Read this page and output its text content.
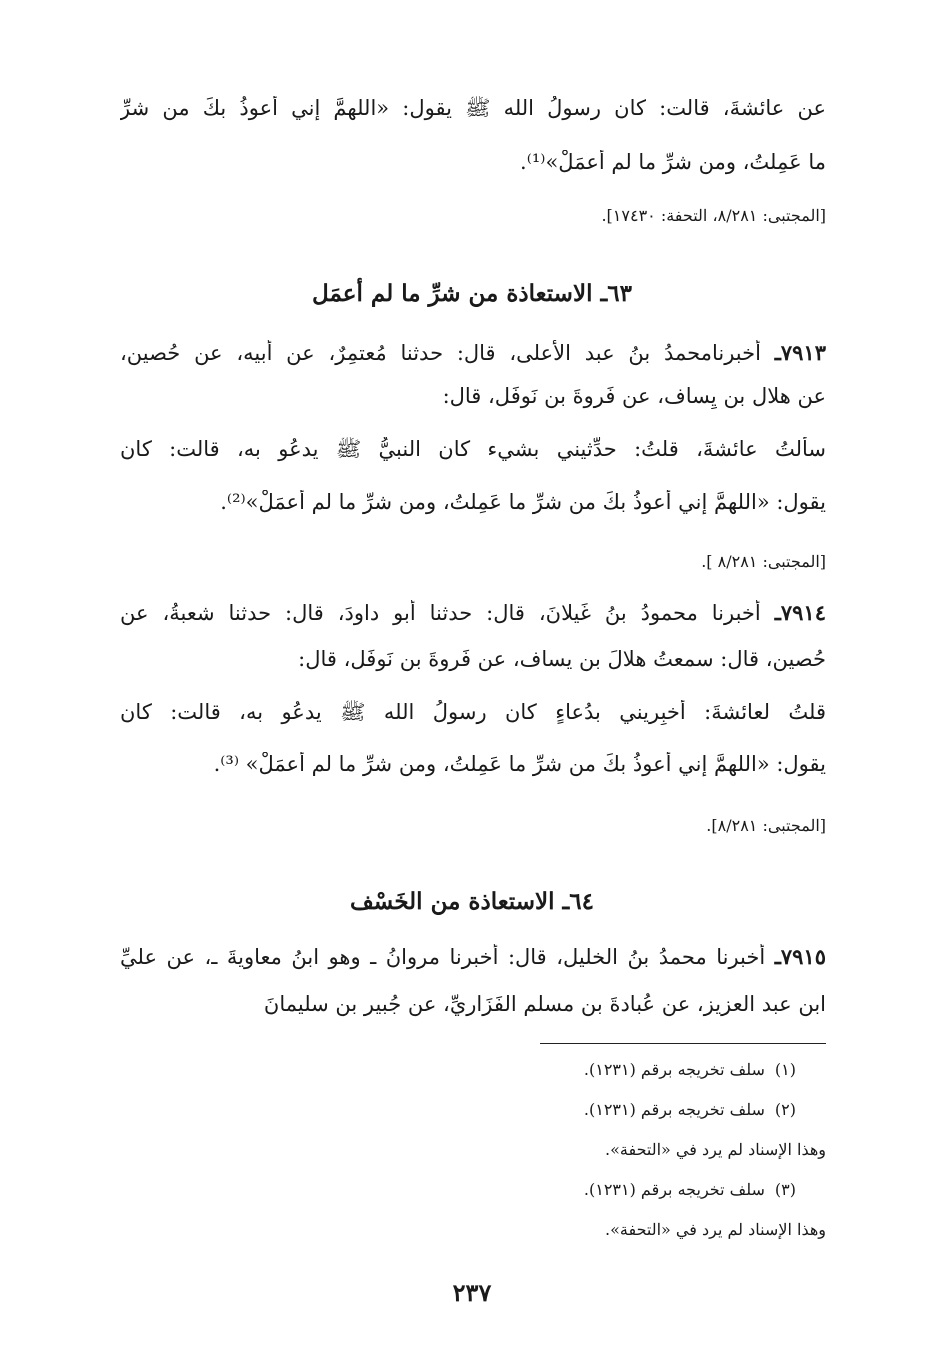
عن عائشةَ، قالت: كان رسولُ الله ﷺ يقول: «اللهمَّ إني أعوذُ بكَ من شرِّ
ما عَمِلتُ، ومن شرِّ ما لم أعمَلْ»⁽¹⁾.
[المجتبى: ٨/٢٨١، التحفة: ١٧٤٣٠].
٦٣ـ الاستعاذة من شرِّ ما لم أعمَل
٧٩١٣ـ أخبرنامحمدُ بنُ عبد الأعلى، قال: حدثنا مُعتمِرٌ، عن أبيه، عن حُصين،
عن هلال بن يِساف، عن فَروةَ بن نَوفَل، قال:
سألتُ عائشةَ، قلتُ: حدِّثيني بشيء كان النبيُّ ﷺ يدعُو به، قالت: كان
يقول: «اللهمَّ إني أعوذُ بكَ من شرِّ ما عَمِلتُ، ومن شرِّ ما لم أعمَلْ»⁽²⁾.
[المجتبى: ٨/٢٨١ ].
٧٩١٤ـ أخبرنا محمودُ بنُ غَيلانَ، قال: حدثنا أبو داودَ، قال: حدثنا شعبةُ، عن
حُصين، قال: سمعتُ هلالَ بن يساف، عن فَروةَ بن نَوفَل، قال:
قلتُ لعائشةَ: أخبِريني بدُعاءٍ كان رسولُ الله ﷺ يدعُو به، قالت: كان
يقول: «اللهمَّ إني أعوذُ بكَ من شرِّ ما عَمِلتُ، ومن شرِّ ما لم أعمَلْ» ⁽³⁾.
[المجتبى: ٨/٢٨١].
٦٤ـ الاستعاذة من الخَسْف
٧٩١٥ـ أخبرنا محمدُ بنُ الخليل، قال: أخبرنا مروانُ ـ وهو ابنُ معاويةَ ـ، عن عليِّ
ابن عبد العزيز، عن عُبادةَ بن مسلم الفَزَاريِّ، عن جُبير بن سليمانَ
(١)سلف تخريجه برقم (١٢٣١).
(٢)سلف تخريجه برقم (١٢٣١).
وهذا الإسناد لم يرد في «التحفة».
(٣)سلف تخريجه برقم (١٢٣١).
وهذا الإسناد لم يرد في «التحفة».
٢٣٧
